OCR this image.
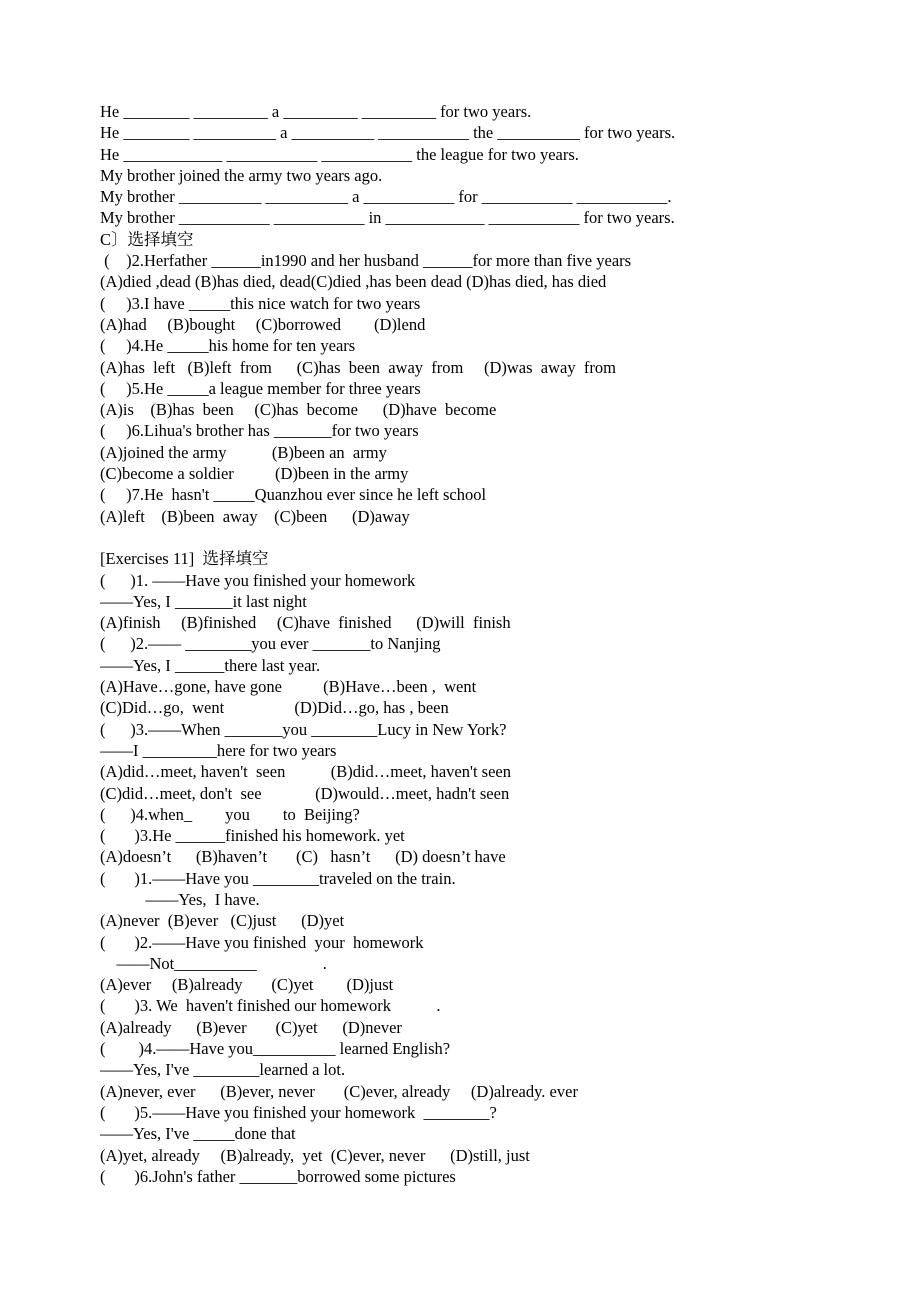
He ________ _________ a _________ _________ for two years.
He ________ __________ a __________ ___________ the __________ for two years.
He ____________ ___________ ___________ the league for two years.
My brother joined the army two years ago.
My brother __________ __________ a ___________ for ___________ ___________.
My brother ___________ ___________ in ____________ ___________ for two years.
C〕选择填空
(    )2.Herfather ______in1990 and her husband ______for more than five years
(A)died ,dead (B)has died, dead(C)died ,has been dead (D)has died, has died
(     )3.I have _____this nice watch for two years
(A)had     (B)bought     (C)borrowed        (D)lend
(     )4.He _____his home for ten years
(A)has  left   (B)left  from      (C)has  been  away  from     (D)was  away  from
(     )5.He _____a league member for three years
(A)is    (B)has  been     (C)has  become      (D)have  become
(     )6.Lihua's brother has _______for two years
(A)joined the army           (B)been an  army
(C)become a soldier          (D)been in the army
(     )7.He  hasn't _____Quanzhou ever since he left school
(A)left    (B)been  away    (C)been      (D)away
[Exercises 11]  选择填空
(      )1. ——Have you finished your homework
——Yes, I _______it last night
(A)finish     (B)finished     (C)have  finished      (D)will  finish
(      )2.—— ________you ever _______to Nanjing
——Yes, I ______there last year.
(A)Have…gone, have gone          (B)Have…been ,  went
(C)Did…go,  went                 (D)Did…go, has , been
(      )3.——When _______you ________Lucy in New York?
——I _________here for two years
(A)did…meet, haven't  seen           (B)did…meet, haven't seen
(C)did…meet, don't  see             (D)would…meet, hadn't seen
(      )4.when_        you        to  Beijing?
(       )3.He ______finished his homework. yet
(A)doesn’t      (B)haven’t       (C)   hasn’t      (D) doesn’t have
(       )1.——Have you ________traveled on the train.
——Yes,  I have.
(A)never  (B)ever   (C)just      (D)yet
(       )2.——Have you finished  your  homework
——Not__________                .
(A)ever     (B)already       (C)yet        (D)just
(       )3. We  haven't finished our homework           .
(A)already      (B)ever       (C)yet      (D)never
(        )4.——Have you__________ learned English?
——Yes, I've ________learned a lot.
(A)never, ever      (B)ever, never       (C)ever, already     (D)already. ever
(       )5.——Have you finished your homework  ________?
——Yes, I've _____done that
(A)yet, already     (B)already,  yet  (C)ever, never      (D)still, just
(       )6.John's father _______borrowed some pictures
